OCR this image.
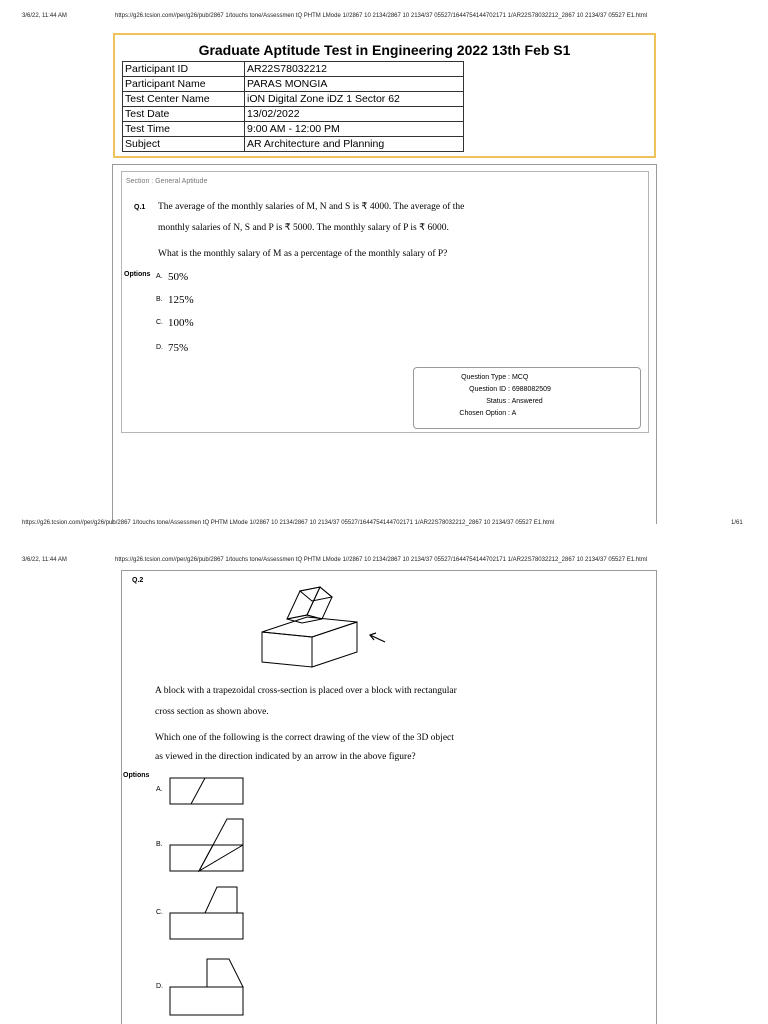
3/6/22, 11:44 AM	https://g26.tcsion.com//per/g26/pub/2867 1/touchs tone/Assessmen tQ PHTM LMode 1//2867 10 2134/2867 10 2134/37 05527/1644754144702171 1/AR22S78032212_2867 10 2134/37 05527 E1.html
Graduate Aptitude Test in Engineering 2022 13th Feb S1
Participant ID	AR22S78032212
Participant Name	PARAS MONGIA
Test Center Name	iON Digital Zone iDZ 1 Sector 62
Test Date	13/02/2022
Test Time	9:00 AM - 12:00 PM
Subject	AR Architecture and Planning
Section : General Aptitude
Q.1 The average of the monthly salaries of M, N and S is ₹ 4000. The average of the
monthly salaries of N, S and P is ₹ 5000. The monthly salary of P is ₹ 6000.
What is the monthly salary of M as a percentage of the monthly salary of P?
Options A. 50%
B. 125%
C. 100%
D. 75%
Question Type : MCQ
Question ID : 6988082509
Status : Answered
Chosen Option : A
https://g26.tcsion.com//per/g26/pub/2867 1/touchs tone/Assessmen tQ PHTM LMode 1//2867 10 2134/2867 10 2134/37 05527/1644754144702171 1/AR22S78032212_2867 10 2134/37 05527 E1.html	1/61
3/6/22, 11:44 AM	https://g26.tcsion.com//per/g26/pub/2867 1/touchs tone/Assessmen tQ PHTM LMode 1//2867 10 2134/2867 10 2134/37 05527/1644754144702171 1/AR22S78032212_2867 10 2134/37 05527 E1.html
Q.2
A block with a trapezoidal cross-section is placed over a block with rectangular
cross section as shown above.
Which one of the following is the correct drawing of the view of the 3D object
as viewed in the direction indicated by an arrow in the above figure?
Options
A.
B.
C.
D.
